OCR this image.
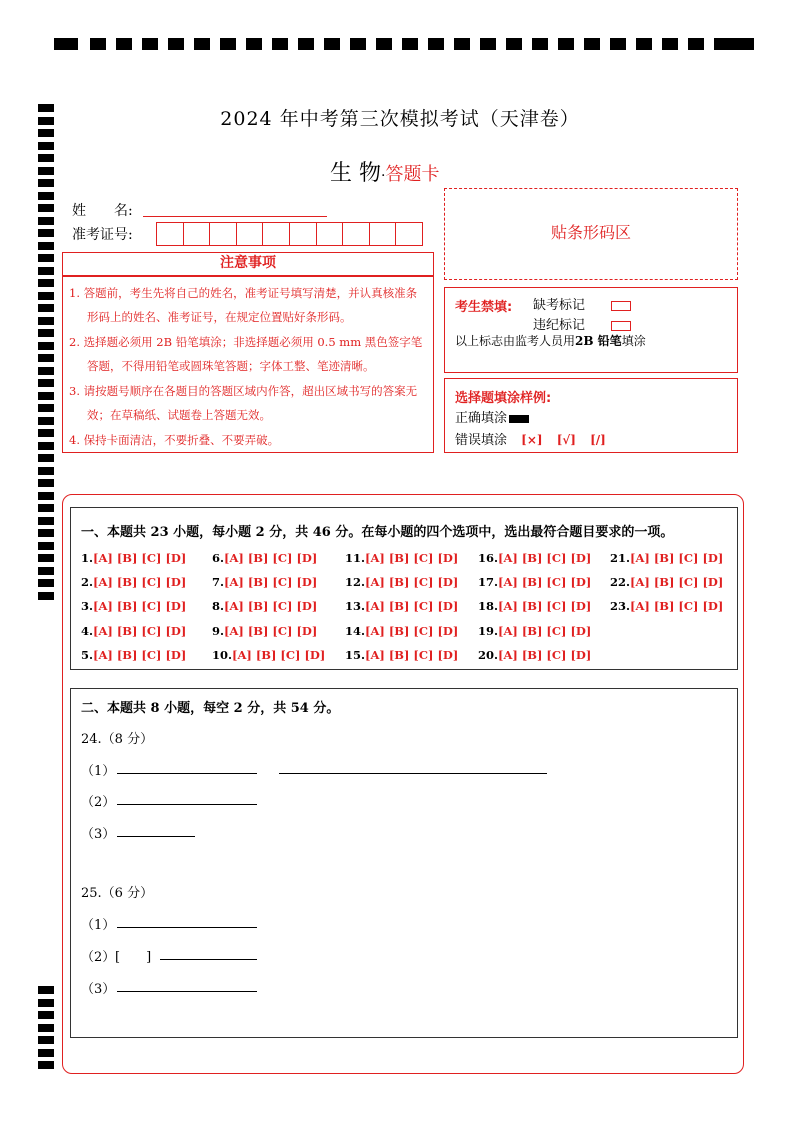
2024 年中考第三次模拟考试（天津卷）
生 物·答题卡
姓　　名:
准考证号:	贴条形码区
注意事项

1. 答题前，考生先将自己的姓名，准考证号填写清楚，并认真核准条形码上的姓名、准考证号，在规定位置贴好条形码。

2. 选择题必须用 2B 铅笔填涂；非选择题必须用 0.5 mm 黑色签字笔答题，不得用铅笔或圆珠笔答题；字体工整、笔迹清晰。

3. 请按题号顺序在各题目的答题区域内作答，超出区域书写的答案无效；在草稿纸、试题卷上答题无效。

4. 保持卡面清洁，不要折叠、不要弄破。

考生禁填: 缺考标记
违纪标记
以上标志由监考人员用2B 铅笔填涂
选择题填涂样例:
正确填涂
错误填涂 [×] [√] [/]
一、本题共 23 小题，每小题 2 分，共 46 分。在每小题的四个选项中，选出最符合题目要求的一项。
1.[A] [B] [C] [D]
2.[A] [B] [C] [D]
3.[A] [B] [C] [D]
4.[A] [B] [C] [D]
5.[A] [B] [C] [D]
6.[A] [B] [C] [D]
7.[A] [B] [C] [D]
8.[A] [B] [C] [D]
9.[A] [B] [C] [D]
10.[A] [B] [C] [D]
11.[A] [B] [C] [D]
12.[A] [B] [C] [D]
13.[A] [B] [C] [D]
14.[A] [B] [C] [D]
15.[A] [B] [C] [D]
16.[A] [B] [C] [D]
17.[A] [B] [C] [D]
18.[A] [B] [C] [D]
19.[A] [B] [C] [D]
20.[A] [B] [C] [D]
21.[A] [B] [C] [D]
22.[A] [B] [C] [D]
23.[A] [B] [C] [D]
二、本题共 8 小题，每空 2 分，共 54 分。
24.（8 分）
（1）
（2）
（3）
25.（6 分）
（1）
（2） [　　]
（3）
